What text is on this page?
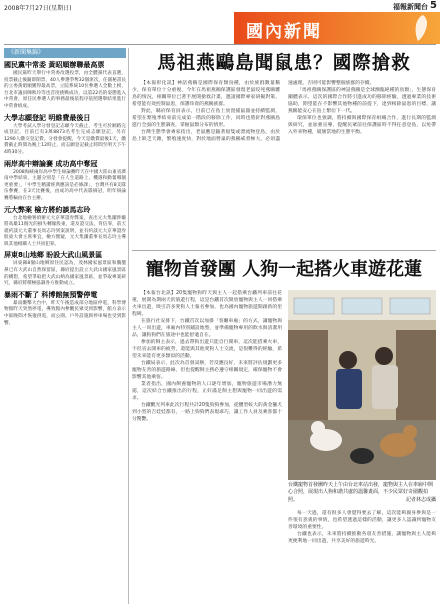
2008年7月27日(星期日)	福報新聞台 5
國內新聞
《新聞集錦》
國民黨中常委 黃昭順辦聯最高票

國民黨昨天舉行中常委改選投票，由全體黨代表直選，投票截止後隨即開票，40人參選爭奪32個席次，任副秘書長的立委黃昭順獲得最高票，立院系統10位參選人全數上榜，台北市議員陳秋玲等也首度挑戰成功，以第22名的姿態進入中常會，原任民參選人的事務最後依程序依照選舉結果進行中常會組成。

大學志願登記 明維費最後日

大學考試入學分發登記志願今天截止，考生可於網路完成登記，目前已有3萬8873名考生完成志願登記，另有1290人繳交登記費。分發會提醒，今天是繳費最後1天，繳費截止時間為晚上12時止，而志願登記截止時間至明天下午4時30分。

兩岸高中辯論賽 成功高中奪冠

2008海峽兩岸高中學生辯論賽昨天在中國大陸山東省濟南中學結束，主題分別是「在人生道路上，機遇和勤奮哪個更重要」，「中學生精讀經典應該是必修課」，台灣共有8支隊伍參賽，在3天比賽後，由成功高中代表隊摘冠，明年辯論賽將輪由在台主辦。

元大弊案 檢方將約談馬志玲

台北地檢署偵辦元大京華證券弊案，查出元大集團涉嫌將高雄11個光的損失轉嫁股東，還及證交法，背信罪，前天就約談元大董事長馬志玲到案說明，並有約談元大京華證券股東大會主席事宜，檢方懷疑，元大集團董事長馬志玲主導與其他相關人士共同犯罪。

屏東8山地鄉 盼設大武山風景區

屏東縣8個山地鄉原住民認為，茂林國家風景區和鵝鑾鼻已有大武山自然保留區，縣府提出設立大武山國家風景區的構想，希望爭取把大武山納為國家風景區，並爭取專案研究，縣府將積極協調各方推動成立。

暴雨不斷了 科博館無預警停電

暴雨襲擊大台中，昨天午後造成部分地區停電，科學博物館昨天突然停電，導致館內參觀民眾受到影響，館方表示中區晚間才恢復供電，而公園、戶外設施與停車場也受到影響。

馬祖燕鷗島聞鼠患？國際搶救

【本報彰化訊】神話燕鷗是國際保育類鳥種，由於族群數量稀少，保育單位十分重視，今年在馬祖燕鷗保護區發現老鼠咬死燕鷗雛鳥的情況，相關單位已著手展開搶救計畫，邀請國際專家研擬對策，希望能有效控制鼠患，保護珍貴的燕鷗族群。

對此，縣府保育員表示，目前已在島上放置捕鼠器並持續監測，希望在繁殖季結束前完成第一階段的移除工作，同時也將針對燕鷗島進行全面的生態調查，掌握鼠類分布的情形。

台灣生態學會專家指出，老鼠應是隨著船隻或漂流物登島，由於島上缺乏天敵，繁殖速度快，對於地面營巢的燕鷗威脅極大，必須盡速處理，否則可能影響整個族群的存續。

「馬祖燕鷗保護區的神話燕鷗是全球瀕臨絕種的鳥類」，生態保育團體表示，這次的國際合作將引進成功的移除經驗，透過專業的技術協助，期望能在不影響其他物種的前提下，達到根除鼠患的目標，讓燕鷗能安心在島上繁衍下一代。

環保單位也強調，將持續與國際保育組織合作，進行長期的監測與研究，並加強宣導，提醒民眾前往保護區時不得任意登島，以免帶入外來物種，破壞當地的生態平衡。

寵物首發團 人狗一起搭火車遊花蓮

【本報台北訊】20隻寵物狗昨天與主人一起搭乘台鐵列車前往花蓮，展開為期兩天的旅遊行程，這是台鐵首次開放寵物與主人一同搭乘火車出遊，吸引許多愛狗人士報名參加，也為國內寵物旅遊開創新的里程碑。

在旅行社安排下，台鐵首次以加掛「客廳車廂」的方式，讓寵物與主人一同出遊，車廂內特別鋪設地墊，並準備寵物專用的飲水與清潔用品，讓狗狗們在旅途中也能舒適自在。

參加的飼主表示，過去帶狗出遊只能自行開車，這次能搭乘火車，不但省去開車的疲勞，還能與其他愛狗人士交流，是很難得的經驗，希望未來能有更多類似的活動。

台鐵局表示，此次為首發試辦，若反應良好，未來將評估規劃更多寵物友善的旅遊路線，但也提醒飼主務必遵守相關規定，確保寵物不會影響其他乘客。

業者指出，國內飼養寵物的人口逐年增加，寵物旅遊市場潛力無窮，這次結合台鐵推出的行程，正好滿足飼主想與寵物一同出遊的需求。

台鐵觀光列車此次行程共計20隻狗狗參加，從體型較大的黃金獵犬到小型的吉娃娃都有，一路上狗狗們表現乖巧，讓工作人員及乘客都十分驚艷。

台鐵寵物首發團昨天上午由台北車站出發，寵物與主人在車廂中開心合照，展現出人狗和諧共處的溫馨畫面，不少民眾好奇圍觀拍照。	記者林志成攝

每一天過，還有很多人會覺得要去了解，這次能夠親身參與是一件很有意義的事情，也希望透過這樣的活動，讓更多人認識到寵物友善環境的重要性。

台鐵也表示，未來將持續推動各項友善措施，讓寵物與主人能夠更便利地一同出遊，共享美好的旅遊時光。
